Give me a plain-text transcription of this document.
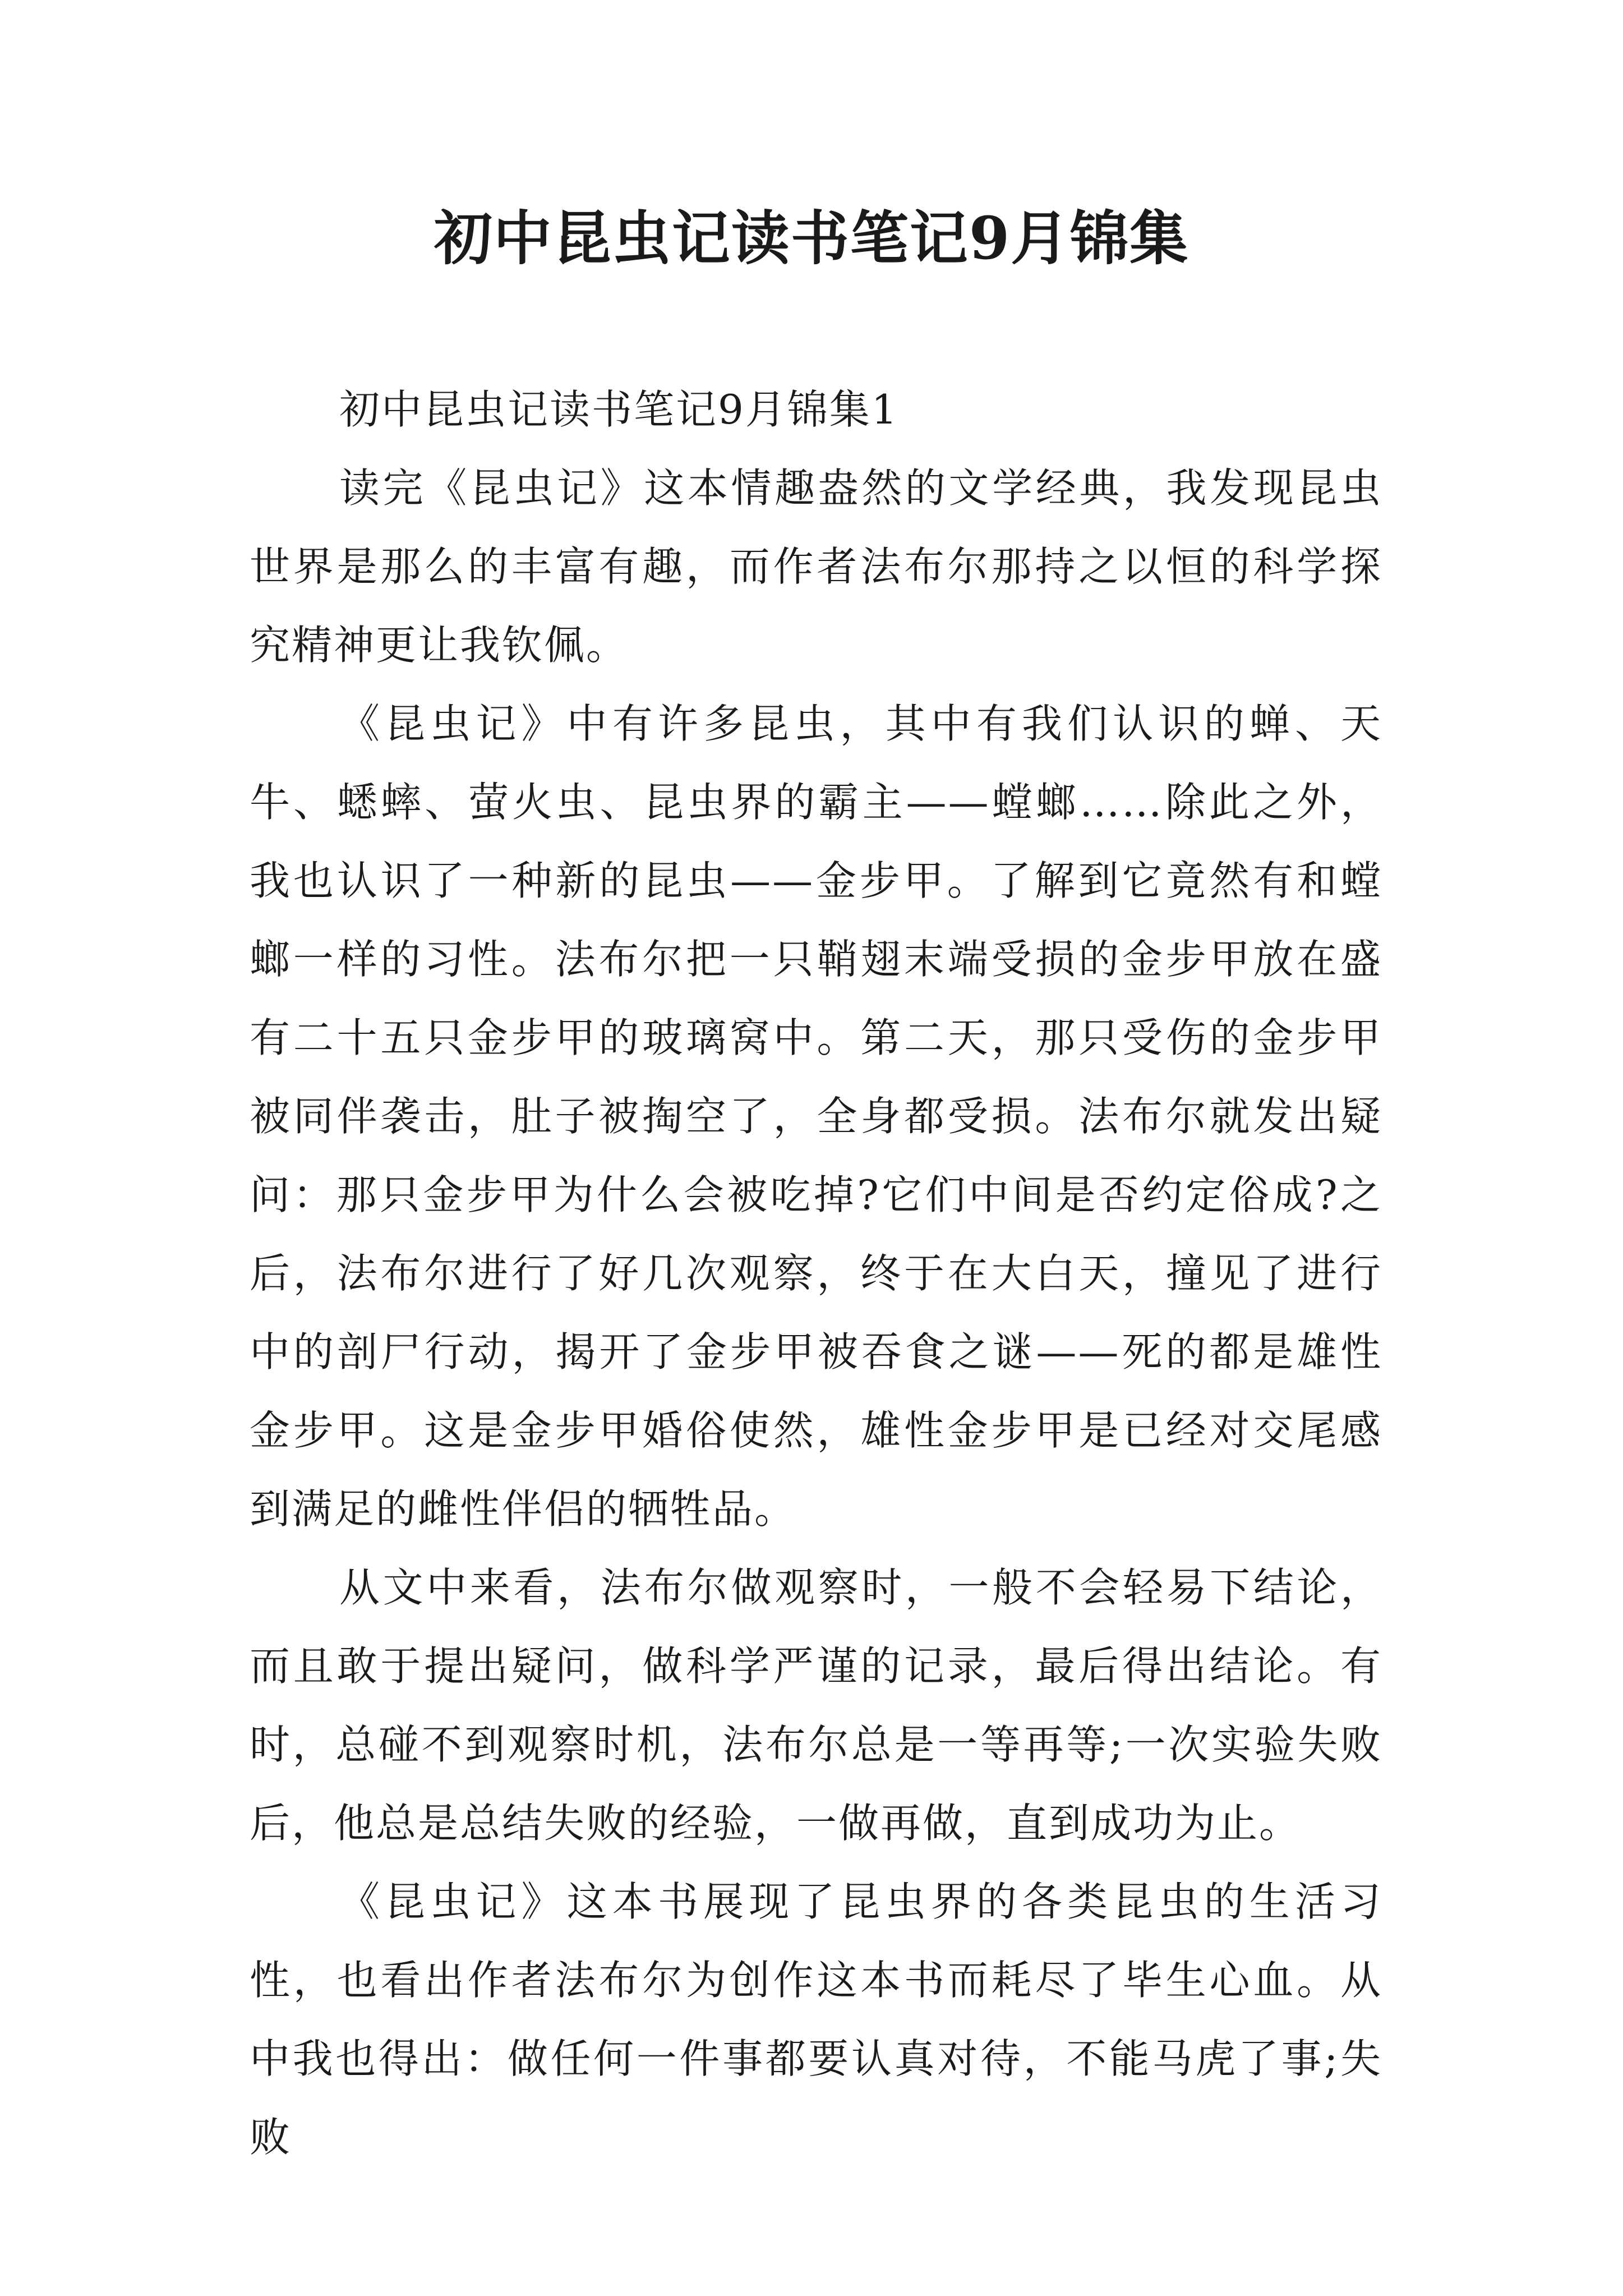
初中昆虫记读书笔记9月锦集

初中昆虫记读书笔记9月锦集1

读完《昆虫记》这本情趣盎然的文学经典，我发现昆虫世界是那么的丰富有趣，而作者法布尔那持之以恒的科学探究精神更让我钦佩。

《昆虫记》中有许多昆虫，其中有我们认识的蝉、天牛、蟋蟀、萤火虫、昆虫界的霸主——螳螂……除此之外，我也认识了一种新的昆虫——金步甲。了解到它竟然有和螳螂一样的习性。法布尔把一只鞘翅末端受损的金步甲放在盛有二十五只金步甲的玻璃窝中。第二天，那只受伤的金步甲被同伴袭击，肚子被掏空了，全身都受损。法布尔就发出疑问：那只金步甲为什么会被吃掉?它们中间是否约定俗成?之后，法布尔进行了好几次观察，终于在大白天，撞见了进行中的剖尸行动，揭开了金步甲被吞食之谜——死的都是雄性金步甲。这是金步甲婚俗使然，雄性金步甲是已经对交尾感到满足的雌性伴侣的牺牲品。

从文中来看，法布尔做观察时，一般不会轻易下结论，而且敢于提出疑问，做科学严谨的记录，最后得出结论。有时，总碰不到观察时机，法布尔总是一等再等;一次实验失败后，他总是总结失败的经验，一做再做，直到成功为止。

《昆虫记》这本书展现了昆虫界的各类昆虫的生活习性，也看出作者法布尔为创作这本书而耗尽了毕生心血。从中我也得出：做任何一件事都要认真对待，不能马虎了事;失败
